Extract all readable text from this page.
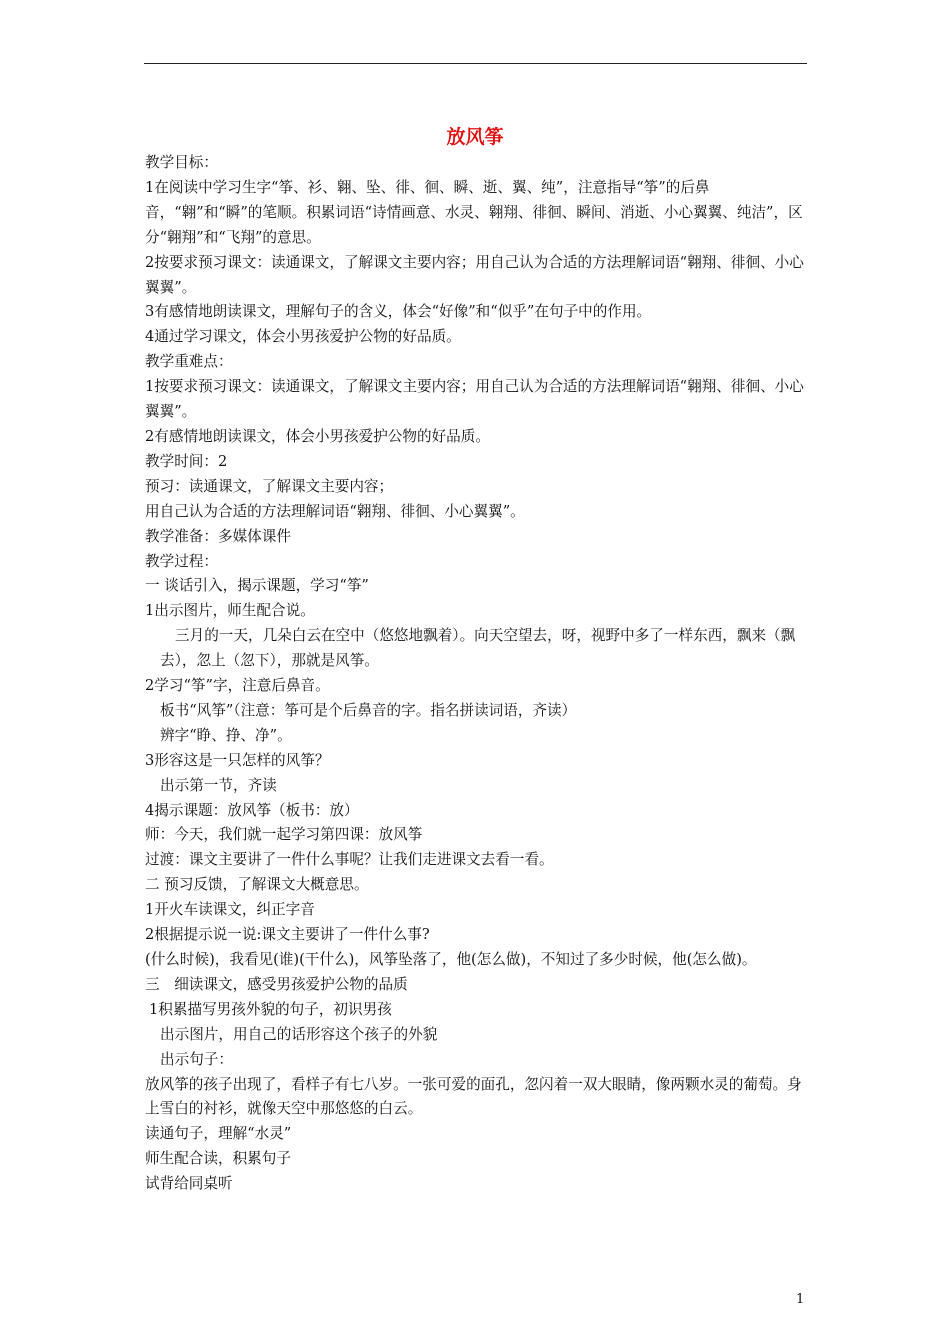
放风筝

教学目标：

1在阅读中学习生字“筝、衫、翱、坠、徘、徊、瞬、逝、翼、纯”，注意指导“筝”的后鼻音，“翱”和“瞬”的笔顺。积累词语“诗情画意、水灵、翱翔、徘徊、瞬间、消逝、小心翼翼、纯洁”，区分“翱翔”和“飞翔”的意思。

2按要求预习课文：读通课文，了解课文主要内容；用自己认为合适的方法理解词语“翱翔、徘徊、小心翼翼”。

3有感情地朗读课文，理解句子的含义，体会“好像”和“似乎”在句子中的作用。

4通过学习课文，体会小男孩爱护公物的好品质。

教学重难点：

1按要求预习课文：读通课文，了解课文主要内容；用自己认为合适的方法理解词语“翱翔、徘徊、小心翼翼”。

2有感情地朗读课文，体会小男孩爱护公物的好品质。

教学时间：2

预习：读通课文，了解课文主要内容；

用自己认为合适的方法理解词语“翱翔、徘徊、小心翼翼”。

教学准备：多媒体课件

教学过程：

一 谈话引入，揭示课题，学习“筝”

1出示图片，师生配合说。

三月的一天，几朵白云在空中（悠悠地飘着）。向天空望去，呀，视野中多了一样东西，飘来（飘去），忽上（忽下），那就是风筝。

2学习“筝”字，注意后鼻音。

板书“风筝”（注意：筝可是个后鼻音的字。指名拼读词语，齐读）

辨字“睁、挣、净”。

3形容这是一只怎样的风筝？

出示第一节，齐读

4揭示课题：放风筝（板书：放）

师：今天，我们就一起学习第四课：放风筝

过渡：课文主要讲了一件什么事呢？让我们走进课文去看一看。

二 预习反馈，了解课文大概意思。

1开火车读课文，纠正字音

2根据提示说一说:课文主要讲了一件什么事?

(什么时候)，我看见(谁)(干什么)，风筝坠落了，他(怎么做)，不知过了多少时候，他(怎么做)。

三　细读课文，感受男孩爱护公物的品质

1积累描写男孩外貌的句子，初识男孩

出示图片，用自己的话形容这个孩子的外貌

出示句子：

放风筝的孩子出现了，看样子有七八岁。一张可爱的面孔，忽闪着一双大眼睛，像两颗水灵的葡萄。身上雪白的衬衫，就像天空中那悠悠的白云。

读通句子，理解“水灵”

师生配合读，积累句子

试背给同桌听

1
